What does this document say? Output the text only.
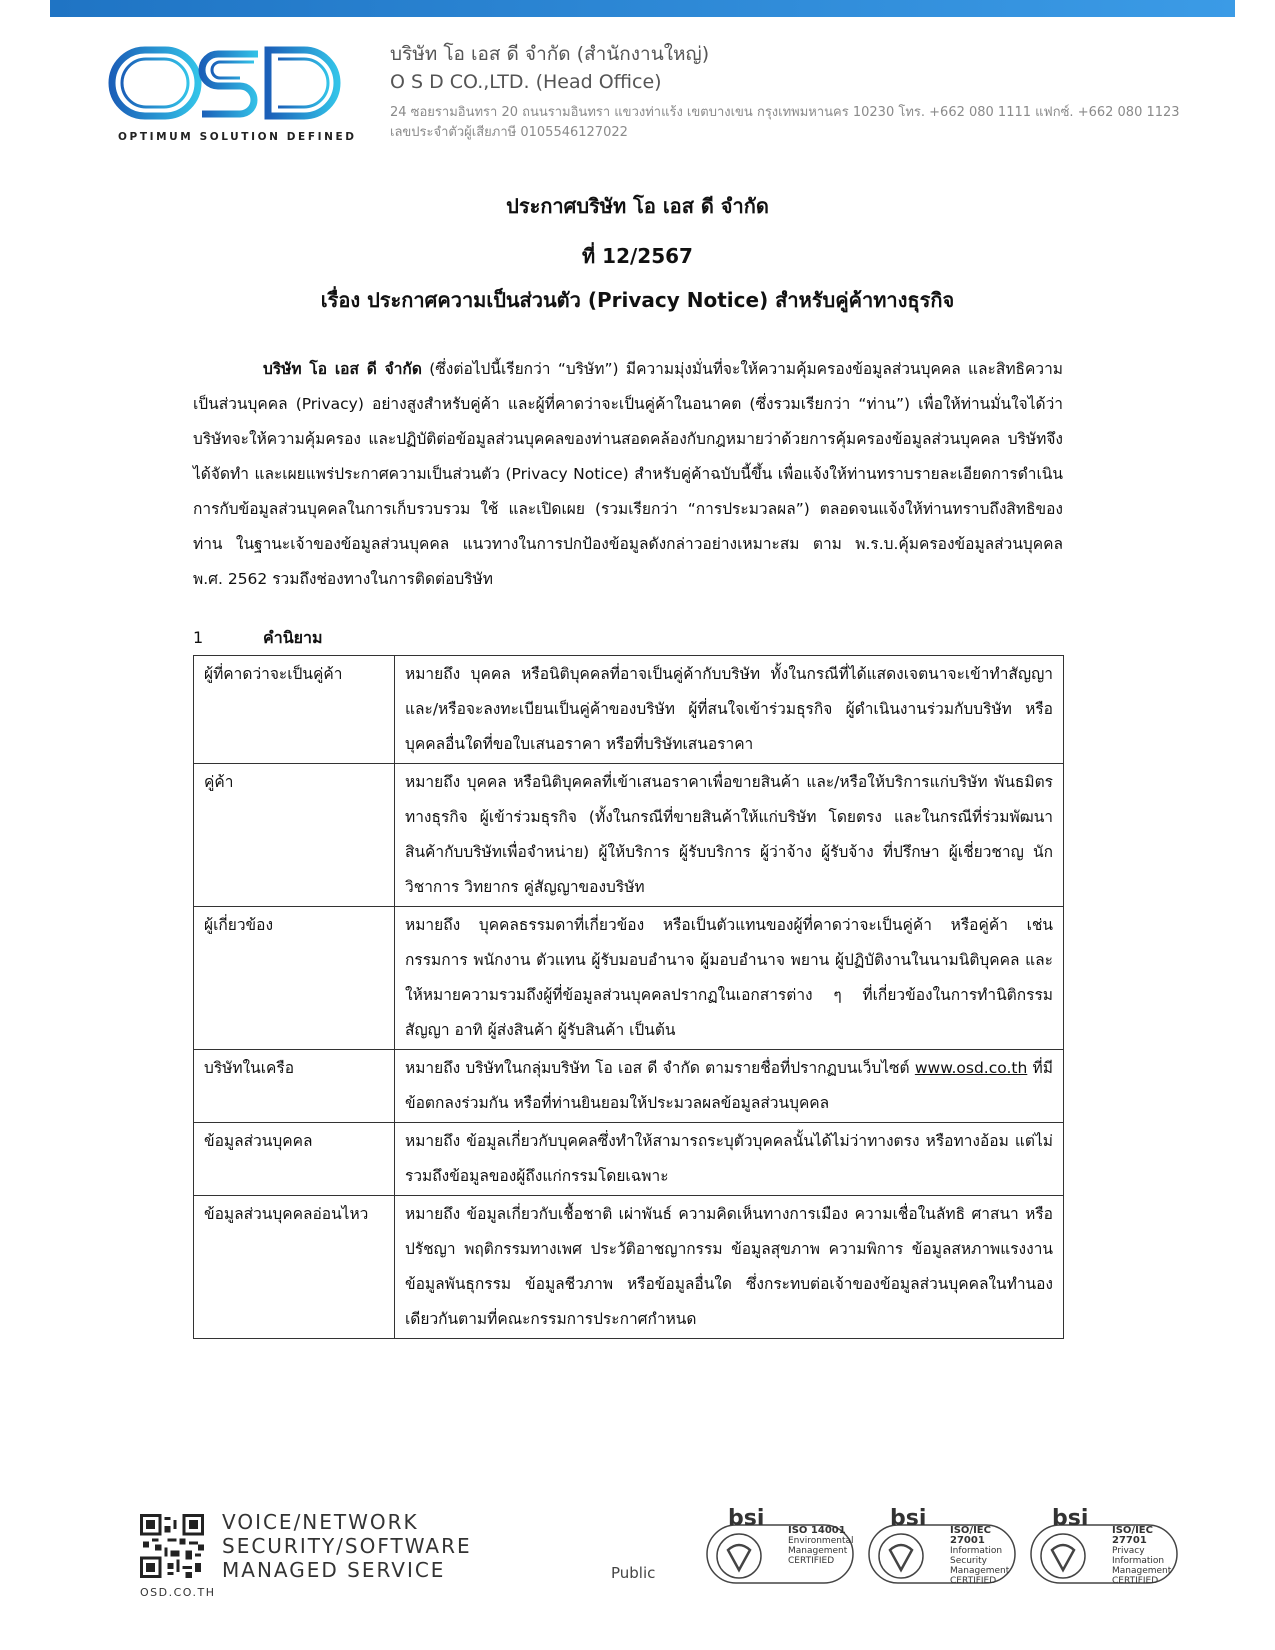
OPTIMUM SOLUTION DEFINED
บริษัท โอ เอส ดี จำกัด (สำนักงานใหญ่)
O S D CO.,LTD. (Head Office)
24 ซอยรามอินทรา 20 ถนนรามอินทรา แขวงท่าแร้ง เขตบางเขน กรุงเทพมหานคร 10230 โทร. +662 080 1111 แฟกซ์. +662 080 1123
เลขประจำตัวผู้เสียภาษี 0105546127022
ประกาศบริษัท โอ เอส ดี จำกัด
ที่ 12/2567
เรื่อง ประกาศความเป็นส่วนตัว (Privacy Notice) สำหรับคู่ค้าทางธุรกิจ
บริษัท โอ เอส ดี จำกัด (ซึ่งต่อไปนี้เรียกว่า “บริษัท”) มีความมุ่งมั่นที่จะให้ความคุ้มครองข้อมูลส่วนบุคคล และสิทธิความเป็นส่วนบุคคล (Privacy) อย่างสูงสำหรับคู่ค้า และผู้ที่คาดว่าจะเป็นคู่ค้าในอนาคต (ซึ่งรวมเรียกว่า “ท่าน”) เพื่อให้ท่านมั่นใจได้ว่าบริษัทจะให้ความคุ้มครอง และปฏิบัติต่อข้อมูลส่วนบุคคลของท่านสอดคล้องกับกฎหมายว่าด้วยการคุ้มครองข้อมูลส่วนบุคคล บริษัทจึงได้จัดทำ และเผยแพร่ประกาศความเป็นส่วนตัว (Privacy Notice) สำหรับคู่ค้าฉบับนี้ขึ้น เพื่อแจ้งให้ท่านทราบรายละเอียดการดำเนินการกับข้อมูลส่วนบุคคลในการเก็บรวบรวม ใช้ และเปิดเผย (รวมเรียกว่า “การประมวลผล”) ตลอดจนแจ้งให้ท่านทราบถึงสิทธิของท่าน ในฐานะเจ้าของข้อมูลส่วนบุคคล แนวทางในการปกป้องข้อมูลดังกล่าวอย่างเหมาะสม ตาม พ.ร.บ.คุ้มครองข้อมูลส่วนบุคคล พ.ศ. 2562 รวมถึงช่องทางในการติดต่อบริษัท
1	คำนิยาม
ผู้ที่คาดว่าจะเป็นคู่ค้า	หมายถึง บุคคล หรือนิติบุคคลที่อาจเป็นคู่ค้ากับบริษัท ทั้งในกรณีที่ได้แสดงเจตนาจะเข้าทำสัญญา และ/หรือจะลงทะเบียนเป็นคู่ค้าของบริษัท ผู้ที่สนใจเข้าร่วมธุรกิจ ผู้ดำเนินงานร่วมกับบริษัท หรือบุคคลอื่นใดที่ขอใบเสนอราคา หรือที่บริษัทเสนอราคา
คู่ค้า	หมายถึง บุคคล หรือนิติบุคคลที่เข้าเสนอราคาเพื่อขายสินค้า และ/หรือให้บริการแก่บริษัท พันธมิตรทางธุรกิจ ผู้เข้าร่วมธุรกิจ (ทั้งในกรณีที่ขายสินค้าให้แก่บริษัท โดยตรง และในกรณีที่ร่วมพัฒนาสินค้ากับบริษัทเพื่อจำหน่าย) ผู้ให้บริการ ผู้รับบริการ ผู้ว่าจ้าง ผู้รับจ้าง ที่ปรึกษา ผู้เชี่ยวชาญ นักวิชาการ วิทยากร คู่สัญญาของบริษัท
ผู้เกี่ยวข้อง	หมายถึง บุคคลธรรมดาที่เกี่ยวข้อง หรือเป็นตัวแทนของผู้ที่คาดว่าจะเป็นคู่ค้า หรือคู่ค้า เช่น กรรมการ พนักงาน ตัวแทน ผู้รับมอบอำนาจ ผู้มอบอำนาจ พยาน ผู้ปฏิบัติงานในนามนิติบุคคล และให้หมายความรวมถึงผู้ที่ข้อมูลส่วนบุคคลปรากฏในเอกสารต่าง ๆ ที่เกี่ยวข้องในการทำนิติกรรมสัญญา อาทิ ผู้ส่งสินค้า ผู้รับสินค้า เป็นต้น
บริษัทในเครือ	หมายถึง บริษัทในกลุ่มบริษัท โอ เอส ดี จำกัด ตามรายชื่อที่ปรากฏบนเว็บไซต์ www.osd.co.th ที่มีข้อตกลงร่วมกัน หรือที่ท่านยินยอมให้ประมวลผลข้อมูลส่วนบุคคล
ข้อมูลส่วนบุคคล	หมายถึง ข้อมูลเกี่ยวกับบุคคลซึ่งทำให้สามารถระบุตัวบุคคลนั้นได้ไม่ว่าทางตรง หรือทางอ้อม แต่ไม่รวมถึงข้อมูลของผู้ถึงแก่กรรมโดยเฉพาะ
ข้อมูลส่วนบุคคลอ่อนไหว	หมายถึง ข้อมูลเกี่ยวกับเชื้อชาติ เผ่าพันธ์ ความคิดเห็นทางการเมือง ความเชื่อในลัทธิ ศาสนา หรือปรัชญา พฤติกรรมทางเพศ ประวัติอาชญากรรม ข้อมูลสุขภาพ ความพิการ ข้อมูลสหภาพแรงงาน ข้อมูลพันธุกรรม ข้อมูลชีวภาพ หรือข้อมูลอื่นใด ซึ่งกระทบต่อเจ้าของข้อมูลส่วนบุคคลในทำนองเดียวกันตามที่คณะกรรมการประกาศกำหนด
OSD.CO.TH
VOICE/NETWORK
SECURITY/SOFTWARE
MANAGED SERVICE	Public
bsi ISO 14001
Environmental
Management
CERTIFIED
bsi ISO/IEC
27001
Information Security
Management
CERTIFIED
bsi ISO/IEC
27701
Privacy
Information
Management
CERTIFIED
